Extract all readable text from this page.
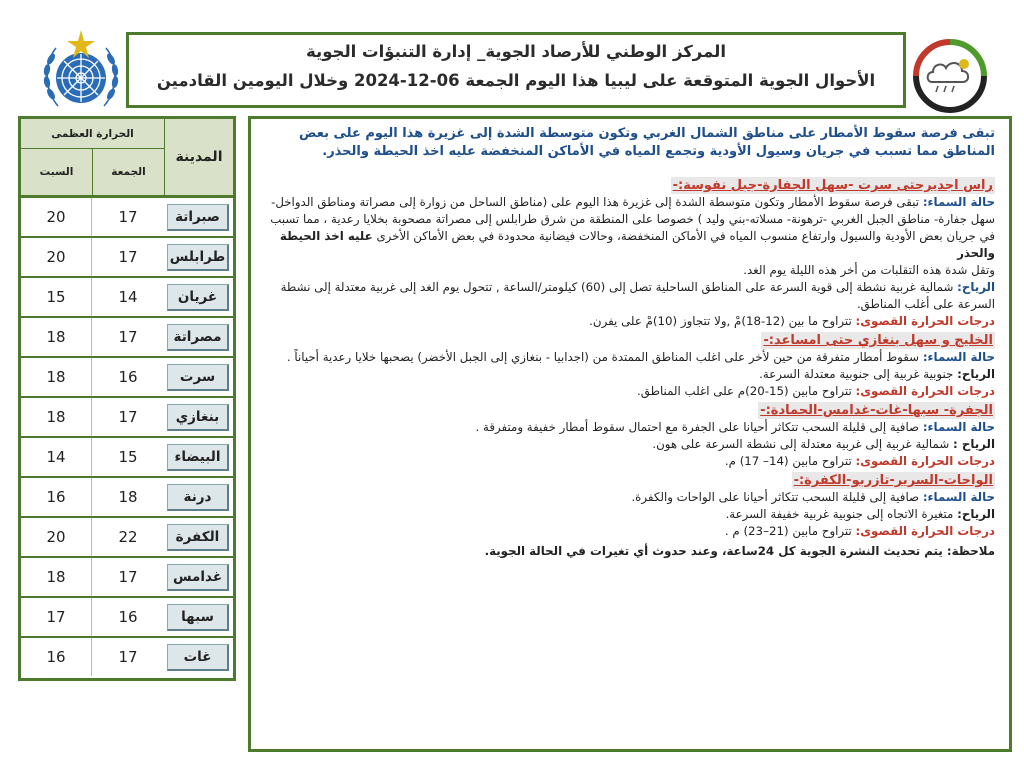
المركز الوطني للأرصاد الجوية_ إدارة التنبؤات الجوية
الأحوال الجوية المتوقعة على ليبيا هذا اليوم الجمعة 06-12-2024 وخلال اليومين القادمين
المدينة
الحرارة العظمى
الجمعة
السبت
20	17	صبراتة
20	17	طرابلس
15	14	غريان
18	17	مصراتة
18	16	سرت
18	17	بنغازي
14	15	البيضاء
16	18	درنة
20	22	الكفرة
18	17	غدامس
17	16	سبها
16	17	غات
تبقى فرصة سقوط الأمطار على مناطق الشمال الغربي وتكون متوسطة الشدة إلى غزيرة هذا اليوم على بعض المناطق مما تسبب في جريان وسيول الأودية وتجمع المياه في الأماكن المنخفضة عليه اخذ الحيطة والحذر.
راس اجديرحتى سرت -سهل الجفارة-جبل نفوسة:-
حالة السماء: تبقى فرصة سقوط الأمطار وتكون متوسطة الشدة إلى غزيرة هذا اليوم على (مناطق الساحل من زوارة إلى مصراتة ومناطق الدواخل- سهل جفارة- مناطق الجبل الغربي -ترهونة- مسلاته-بني وليد ) خصوصا على المنطقة من شرق طرابلس إلى مصراتة مصحوبة بخلايا رعدية ، مما تسبب في جريان بعض الأودية والسيول وارتفاع منسوب المياه في الأماكن المنخفضة، وحالات فيضانية محدودة في بعض الأماكن الأخرى عليه اخذ الحيطة والحذر
وتقل شدة هذه التقلبات من أخر هذه الليلة يوم الغد.
الرياح: شمالية غربية نشطة إلى قوية السرعة على المناطق الساحلية تصل إلى (60) كيلومتر/الساعة , تتحول يوم الغد إلى غربية معتدلة إلى نشطة السرعة على أغلب المناطق.
درجات الحرارة القصوى: تتراوح ما بين (12-18)مْ ,ولا تتجاوز (10)مْ على يفرن.
الخليج و سهل بنغازي حتى امساعد:-
حالة السماء: سقوط أمطار متفرقة من حين لأخر على اغلب المناطق الممتدة من (اجدابيا - بنغازي إلى الجبل الأخضر) يصحبها خلايا رعدية أحياناً .
الرياح: جنوبية غربية إلى جنوبية معتدلة السرعة.
درجات الحرارة القصوى: تتراوح مابين (15-20)م على اغلب المناطق.
الجفرة- سبها-غات-غدامس-الحمادة:-
حالة السماء: صافية إلى قليلة السحب تتكاثر أحيانا على الجفرة مع احتمال سقوط أمطار خفيفة ومتفرقة .
الرياح : شمالية غربية إلى غربية معتدلة إلى نشطة السرعة على هون.
درجات الحرارة القصوى: تتراوح مابين (14– 17) م.
الواحات-السرير-تازربو-الكفرة:-
حالة السماء: صافية إلى قليلة السحب تتكاثر أحيانا على الواحات والكفرة.
الرياح: متغيرة الاتجاه إلى جنوبية غربية خفيفة السرعة.
درجات الحرارة القصوى: تتراوح مابين (21–23) م .
ملاحظة: يتم تحديث النشرة الجوية كل 24ساعة، وعند حدوث أي تغيرات في الحالة الجوية.
